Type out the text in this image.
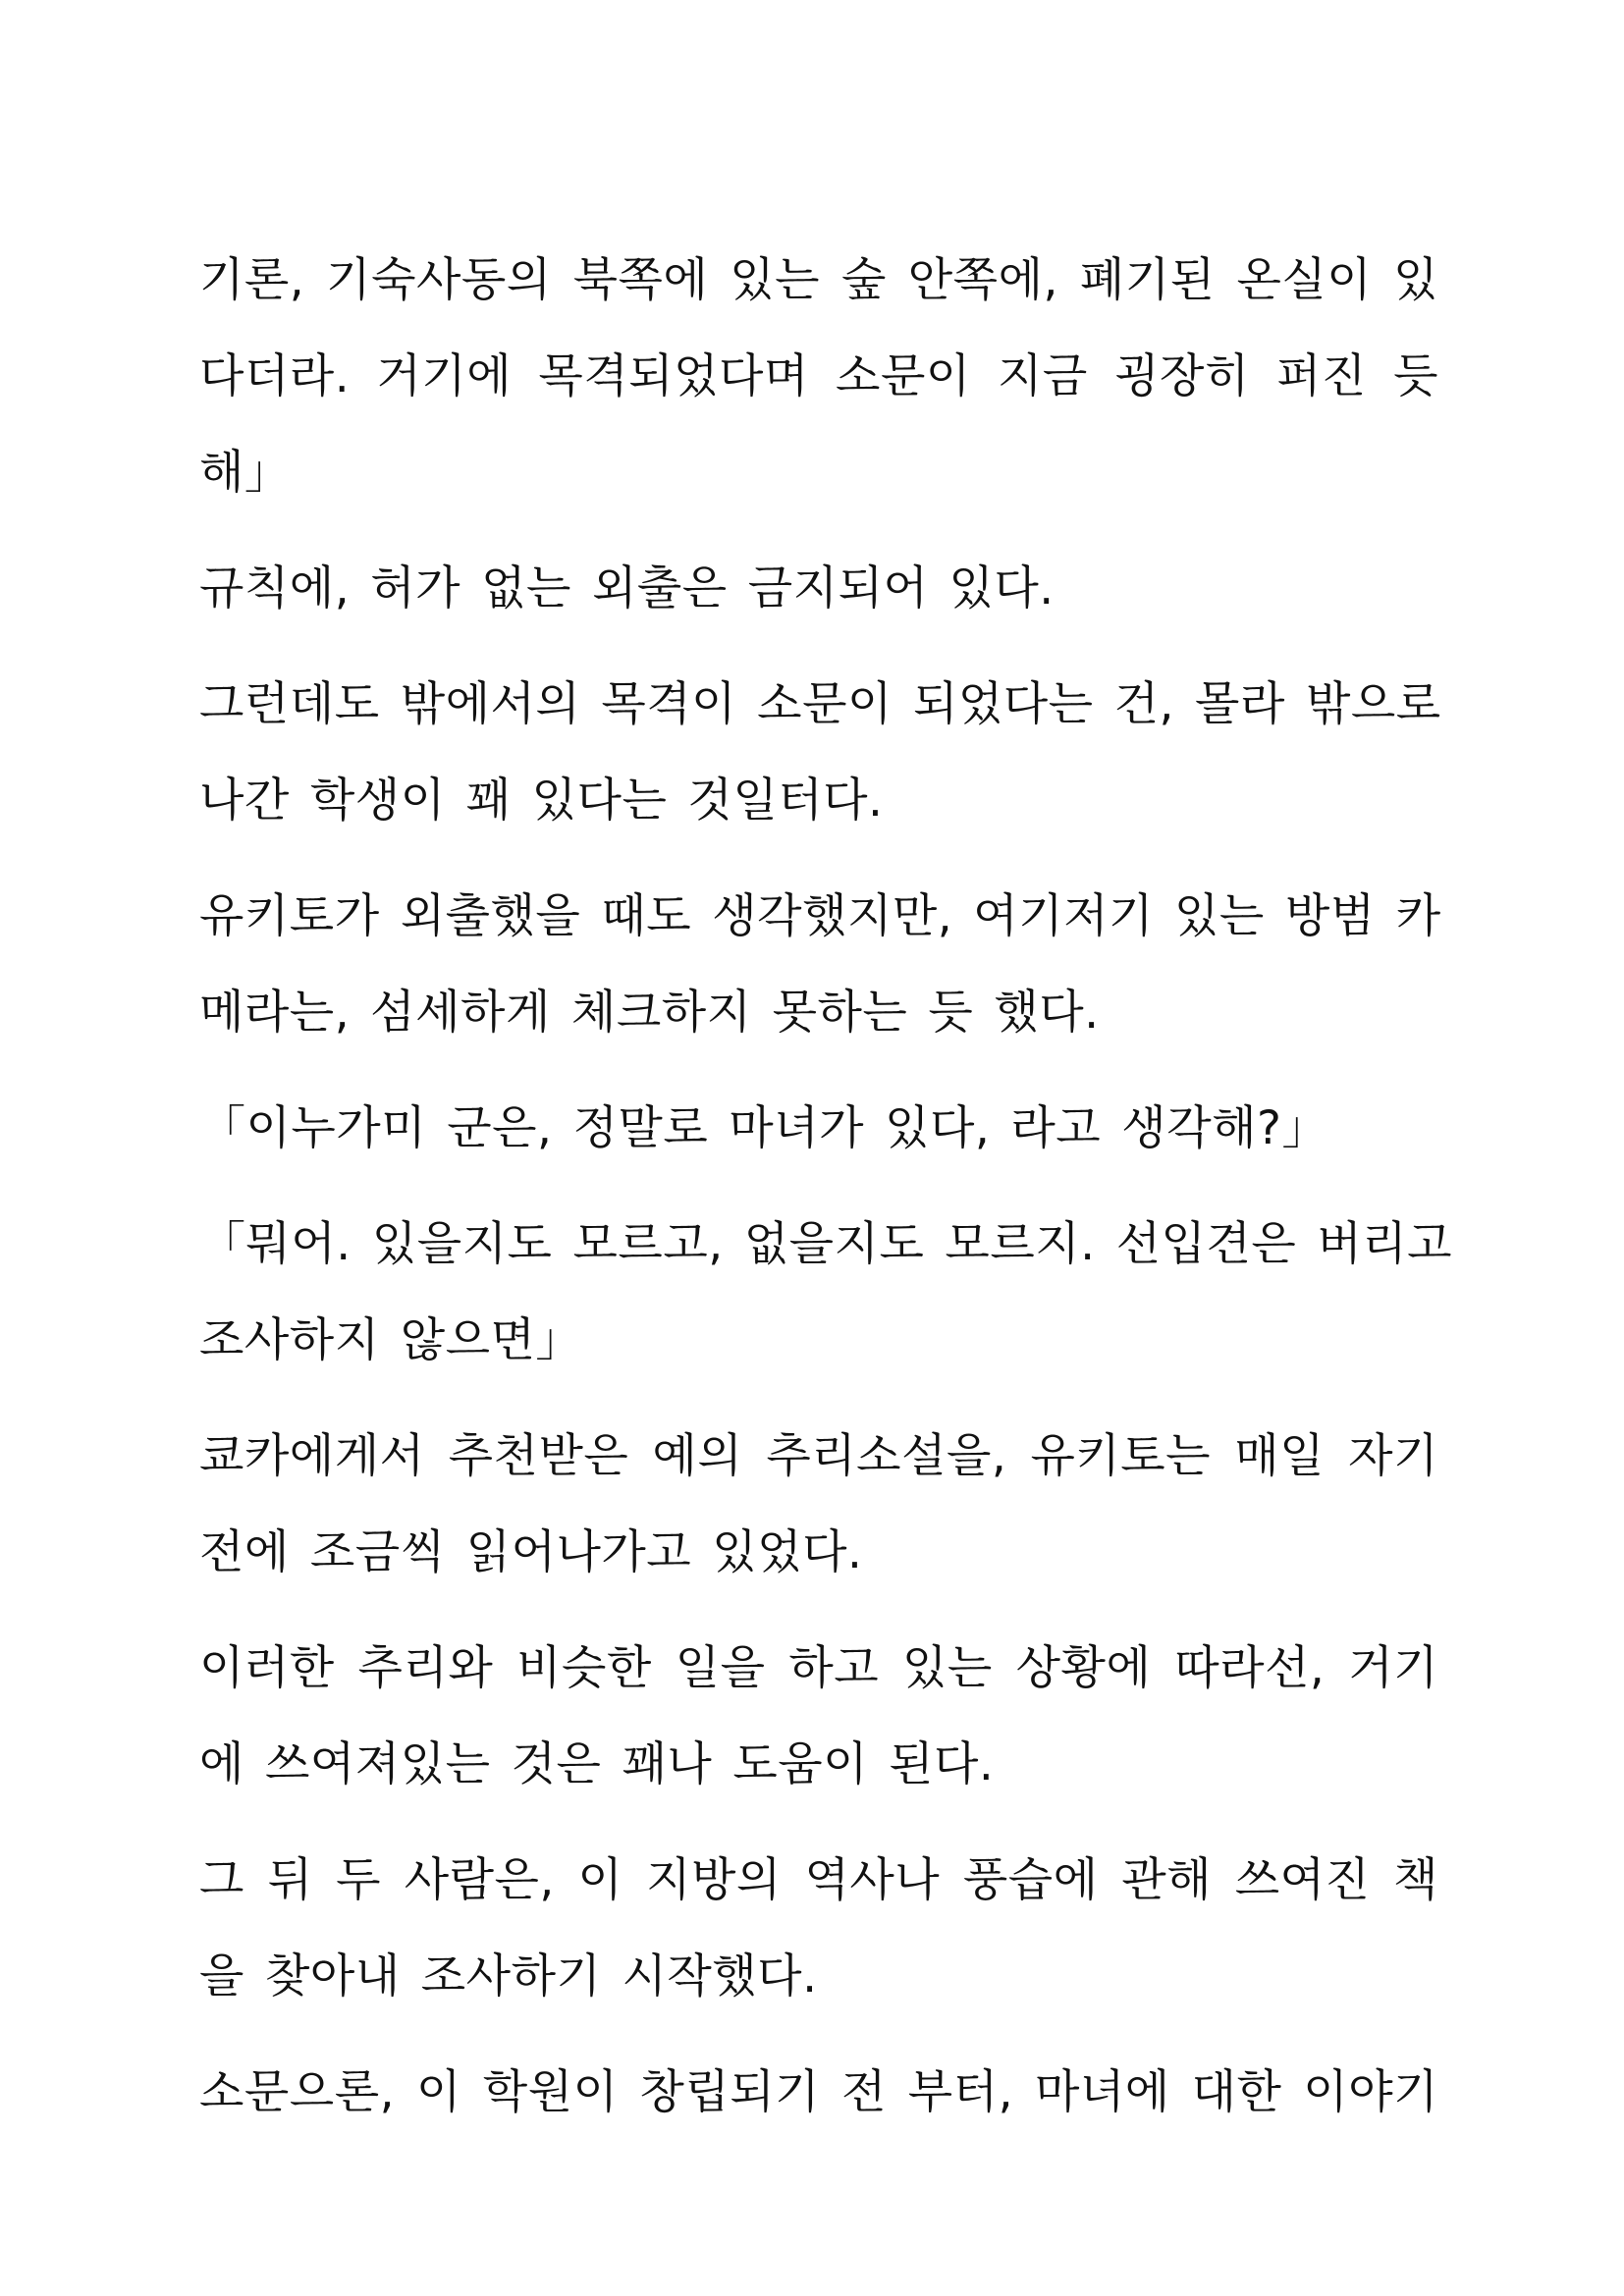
기론, 기숙사동의 북쪽에 있는 숲 안쪽에, 폐기된 온실이 있
다더라. 거기에 목격되었다며 소문이 지금 굉장히 퍼진 듯
해」

규칙에, 허가 없는 외출은 금지되어 있다.

그런데도 밖에서의 목격이 소문이 되었다는 건, 몰라 밖으로
나간 학생이 꽤 있다는 것일터다.

유키토가 외출했을 때도 생각했지만, 여기저기 있는 방범 카
메라는, 섬세하게 체크하지 못하는 듯 했다.

「이누가미 군은, 정말로 마녀가 있다, 라고 생각해?」

「뭐어. 있을지도 모르고, 없을지도 모르지. 선입견은 버리고
조사하지 않으면」

쿄카에게서 추천받은 예의 추리소설을, 유키토는 매일 자기
전에 조금씩 읽어나가고 있었다.

이러한 추리와 비슷한 일을 하고 있는 상황에 따라선, 거기
에 쓰여져있는 것은 꽤나 도움이 된다.

그 뒤 두 사람은, 이 지방의 역사나 풍습에 관해 쓰여진 책
을 찾아내 조사하기 시작했다.

소문으론, 이 학원이 창립되기 전 부터, 마녀에 대한 이야기
